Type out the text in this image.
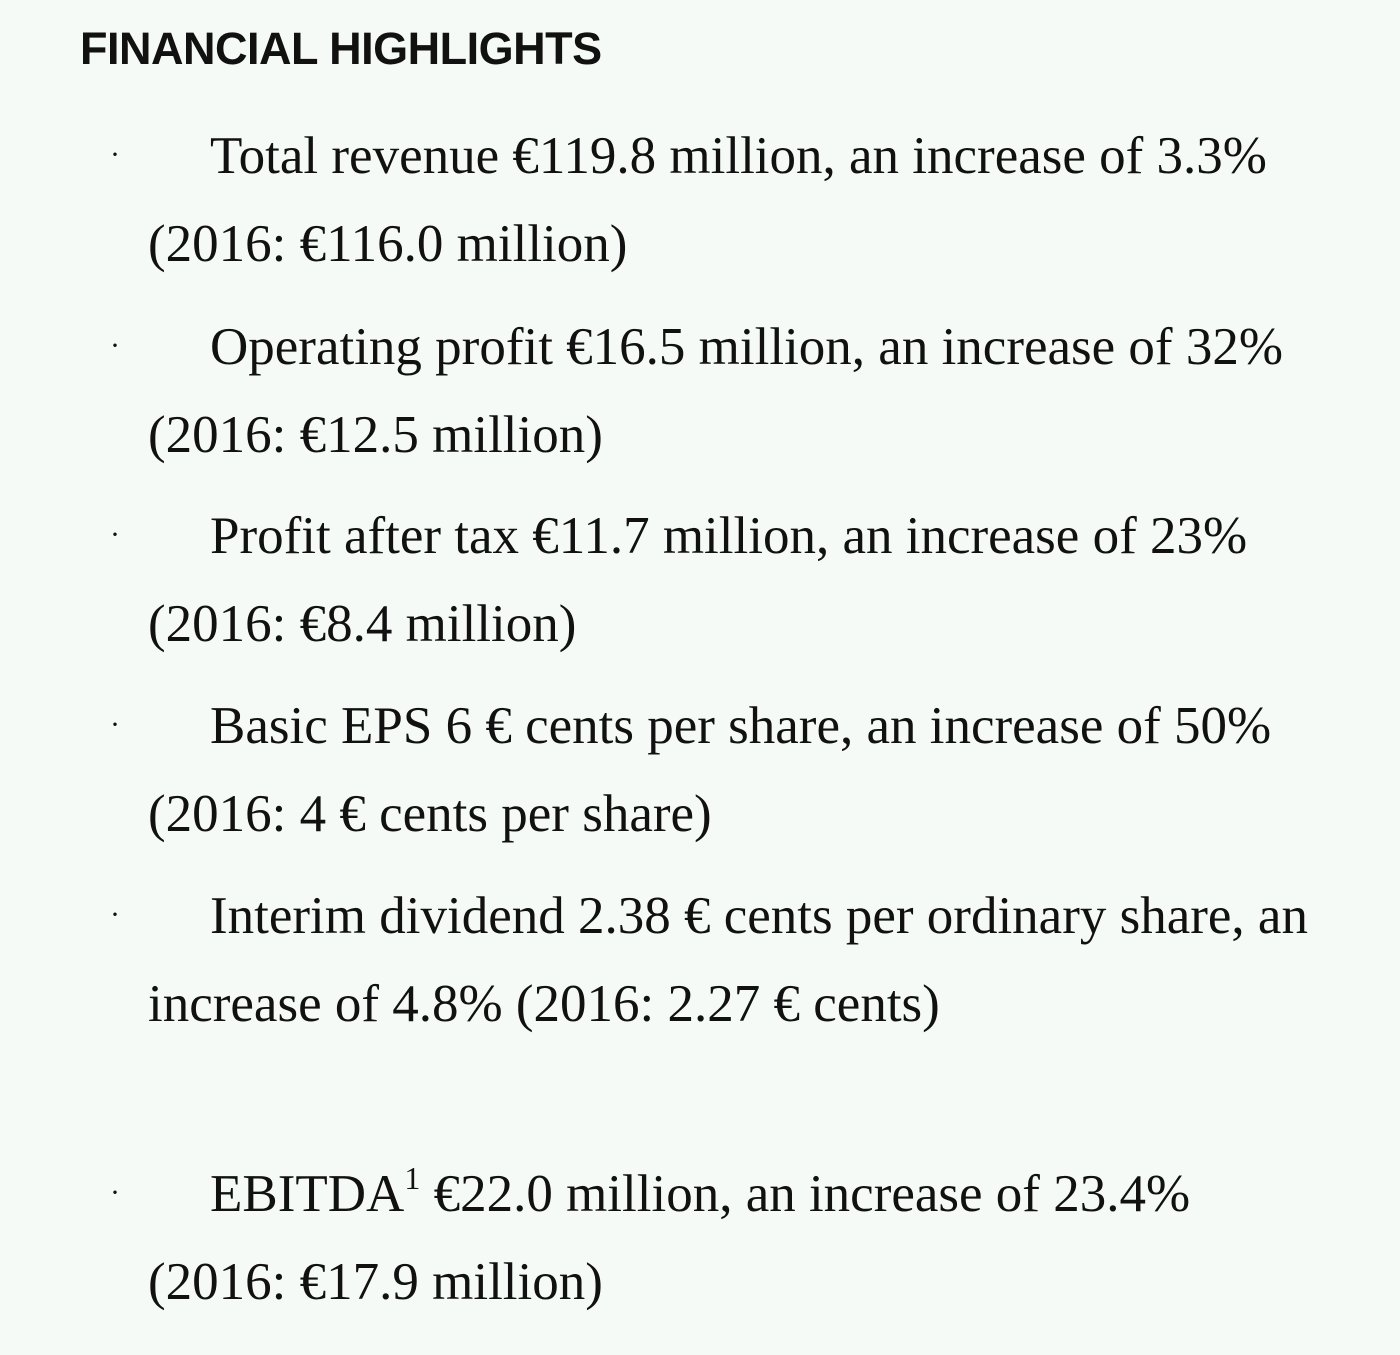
FINANCIAL HIGHLIGHTS
·	Total revenue €119.8 million, an increase of 3.3% (2016: €116.0 million)

·	Operating profit €16.5 million, an increase of 32% (2016: €12.5 million)

·	Profit after tax €11.7 million, an increase of 23% (2016: €8.4 million)

·	Basic EPS 6 € cents per share, an increase of 50% (2016: 4 € cents per share)

·	Interim dividend 2.38 € cents per ordinary share, an increase of 4.8% (2016: 2.27 € cents)

·	$EBITDA^1$ €22.0 million, an increase of 23.4% (2016: €17.9 million)
